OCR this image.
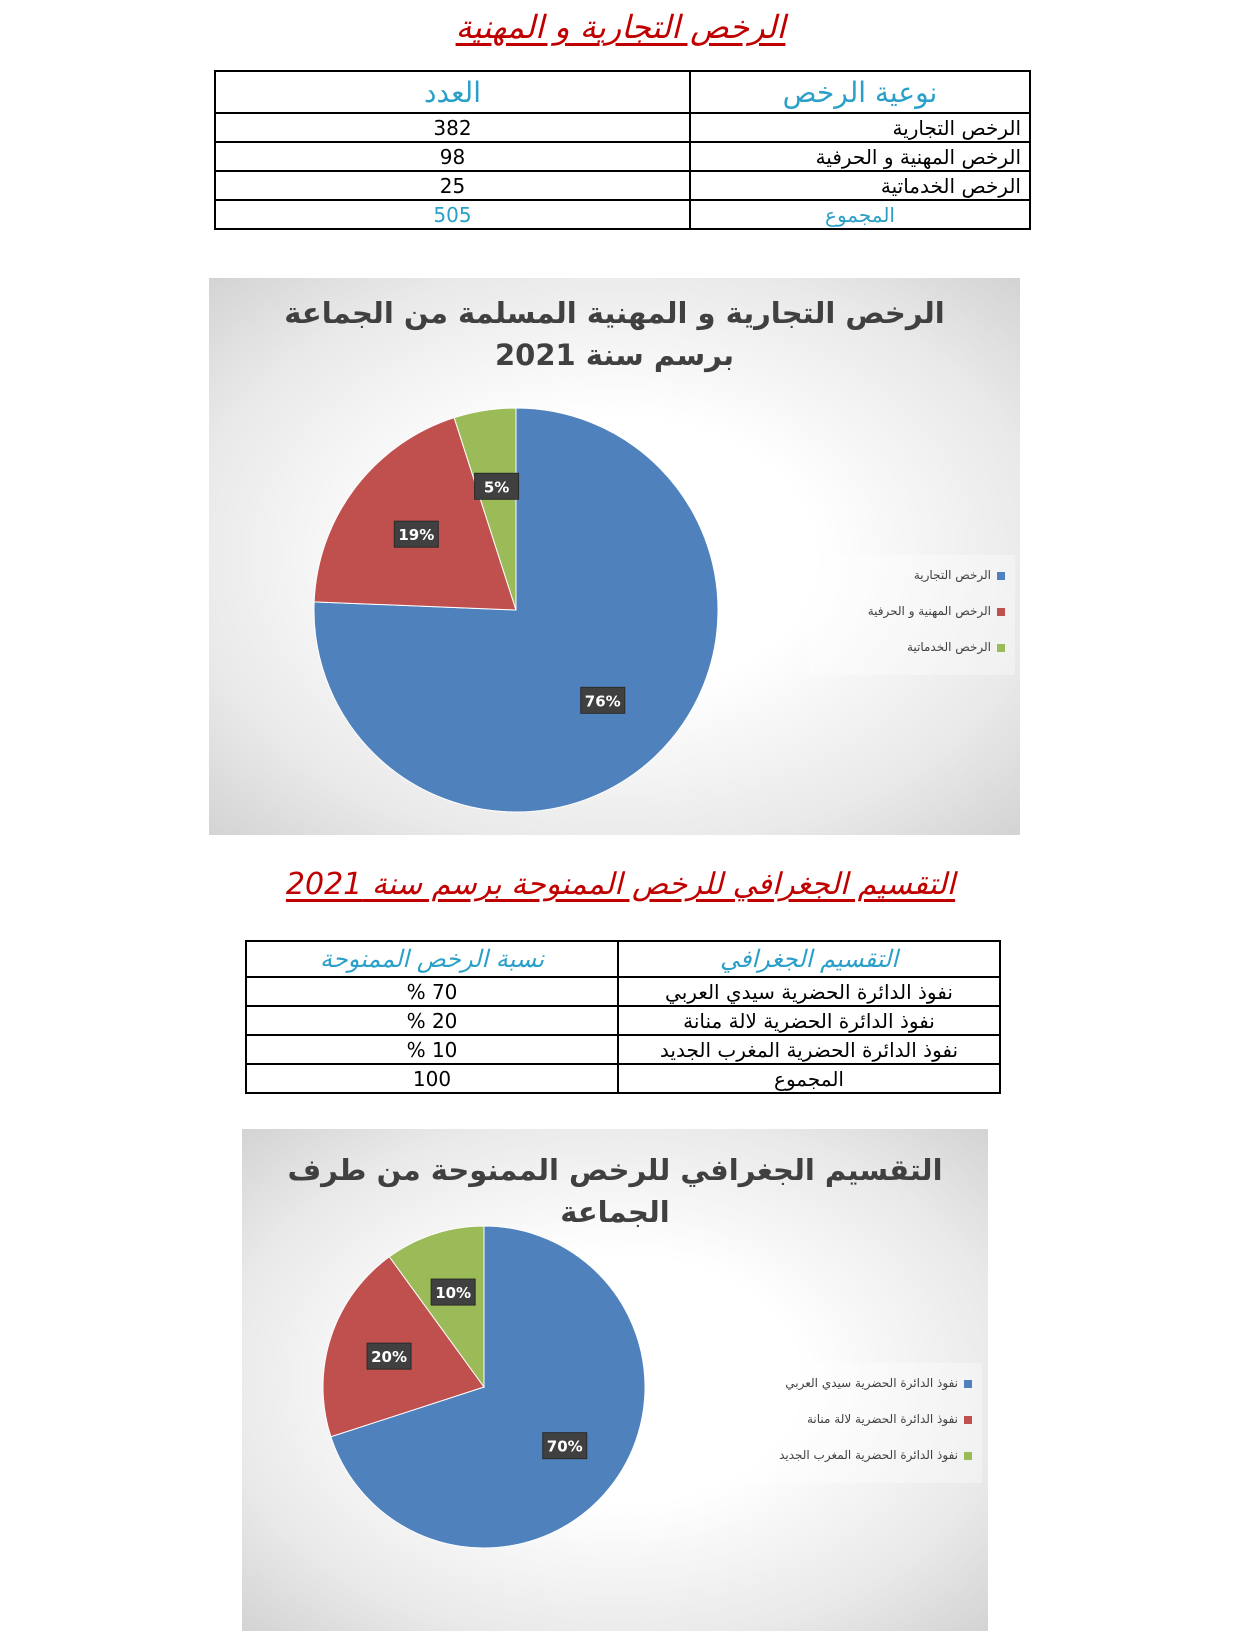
الرخص التجارية و المهنية
نوعية الرخص	العدد
الرخص التجارية	382
الرخص المهنية و الحرفية	98
الرخص الخدماتية	25
المجموع	505
الرخص التجارية و المهنية المسلمة من الجماعة
برسم سنة 2021
76%
19%
5%
الرخص التجارية
الرخص المهنية و الحرفية
الرخص الخدماتية
التقسيم الجغرافي للرخص الممنوحة برسم سنة 2021
التقسيم الجغرافي	نسبة الرخص الممنوحة
نفوذ الدائرة الحضرية سيدي العربي	70 %
نفوذ الدائرة الحضرية لالة منانة	20 %
نفوذ الدائرة الحضرية المغرب الجديد	10 %
المجموع	100
التقسيم الجغرافي للرخص الممنوحة من طرف
الجماعة
70%
20%
10%
نفوذ الدائرة الحضرية سيدي العربي
نفوذ الدائرة الحضرية لالة منانة
نفوذ الدائرة الحضرية المغرب الجديد
